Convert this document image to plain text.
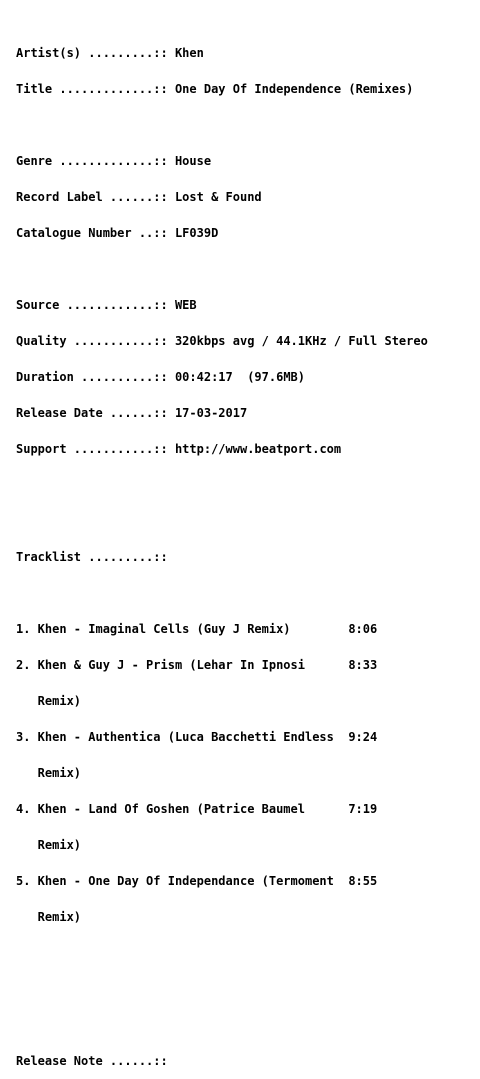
Artist(s) .........:: Khen

Title .............:: One Day Of Independence (Remixes)

Genre .............:: House

Record Label ......:: Lost & Found

Catalogue Number ..:: LF039D

Source ............:: WEB

Quality ...........:: 320kbps avg / 44.1KHz / Full Stereo

Duration ..........:: 00:42:17  (97.6MB)

Release Date ......:: 17-03-2017

Support ...........:: http://www.beatport.com

Tracklist .........::

1. Khen - Imaginal Cells (Guy J Remix)        8:06

2. Khen & Guy J - Prism (Lehar In Ipnosi      8:33

Remix)

3. Khen - Authentica (Luca Bacchetti Endless  9:24

Remix)

4. Khen - Land Of Goshen (Patrice Baumel      7:19

Remix)

5. Khen - One Day Of Independance (Termoment  8:55

Remix)

Release Note ......::
